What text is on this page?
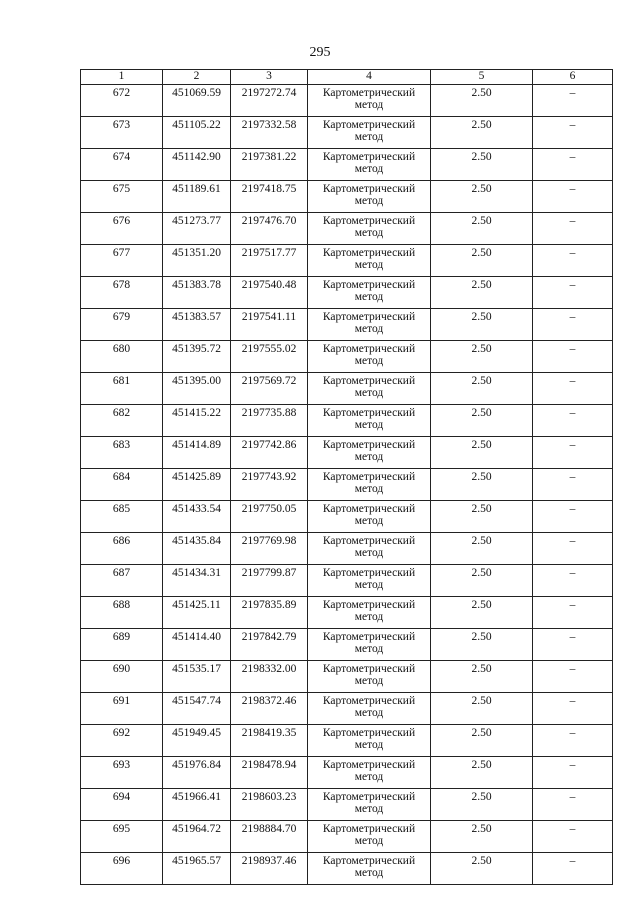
295
1	2	3	4	5	6
672	451069.59	2197272.74	Картометрический метод	2.50	–
673	451105.22	2197332.58	Картометрический метод	2.50	–
674	451142.90	2197381.22	Картометрический метод	2.50	–
675	451189.61	2197418.75	Картометрический метод	2.50	–
676	451273.77	2197476.70	Картометрический метод	2.50	–
677	451351.20	2197517.77	Картометрический метод	2.50	–
678	451383.78	2197540.48	Картометрический метод	2.50	–
679	451383.57	2197541.11	Картометрический метод	2.50	–
680	451395.72	2197555.02	Картометрический метод	2.50	–
681	451395.00	2197569.72	Картометрический метод	2.50	–
682	451415.22	2197735.88	Картометрический метод	2.50	–
683	451414.89	2197742.86	Картометрический метод	2.50	–
684	451425.89	2197743.92	Картометрический метод	2.50	–
685	451433.54	2197750.05	Картометрический метод	2.50	–
686	451435.84	2197769.98	Картометрический метод	2.50	–
687	451434.31	2197799.87	Картометрический метод	2.50	–
688	451425.11	2197835.89	Картометрический метод	2.50	–
689	451414.40	2197842.79	Картометрический метод	2.50	–
690	451535.17	2198332.00	Картометрический метод	2.50	–
691	451547.74	2198372.46	Картометрический метод	2.50	–
692	451949.45	2198419.35	Картометрический метод	2.50	–
693	451976.84	2198478.94	Картометрический метод	2.50	–
694	451966.41	2198603.23	Картометрический метод	2.50	–
695	451964.72	2198884.70	Картометрический метод	2.50	–
696	451965.57	2198937.46	Картометрический метод	2.50	–
